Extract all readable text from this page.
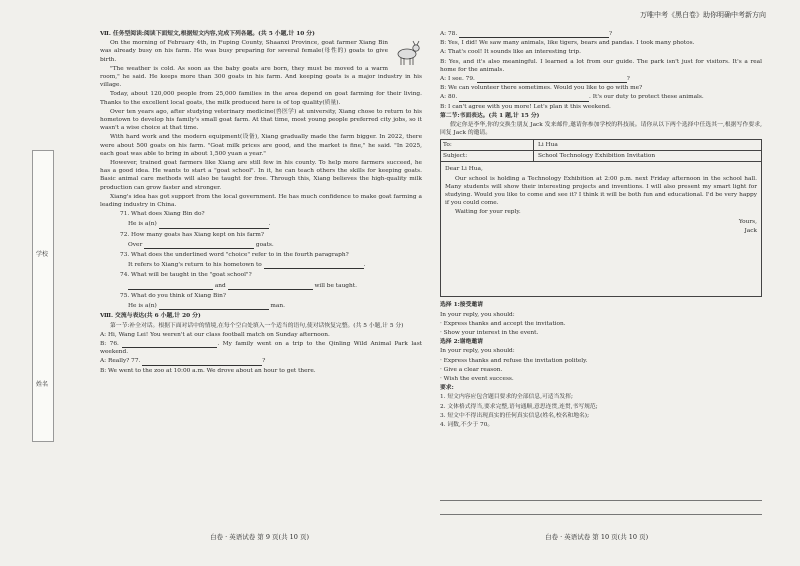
万唯中考《黑白卷》助你明确中考新方向
学校
姓名

Ⅶ. 任务型阅读:阅读下面短文,根据短文内容,完成下列各题。(共 5 小题,计 10 分)

On the morning of February 4th, in Fuping County, Shaanxi Province, goat farmer Xiang Bin was already busy on his farm. He was busy preparing for several female(母性的) goats to give birth.

"The weather is cold. As soon as the baby goats are born, they must be moved to a warm room," he said. He keeps more than 300 goats in his farm. And keeping goats is a major industry in his village.

Today, about 120,000 people from 25,000 families in the area depend on goat farming for their living. Thanks to the excellent local goats, the milk produced here is of top quality(质量).

Over ten years ago, after studying veterinary medicine(兽医学) at university, Xiang chose to return to his hometown to develop his family's small goat farm. At that time, most young people preferred city jobs, so it wasn't a wise choice at that time.

With hard work and the modern equipment(设备), Xiang gradually made the farm bigger. In 2022, there were about 500 goats on his farm. "Goat milk prices are good, and the market is fine," he said. "In 2025, each goat was able to bring in about 1,500 yuan a year."

However, trained goat farmers like Xiang are still few in his county. To help more farmers succeed, he has a good idea. He wants to start a "goat school". In it, he can teach others the skills for keeping goats. Basic animal care methods will also be taught for free. Through this, Xiang believes the high-quality milk production can grow faster and stronger.

Xiang's idea has got support from the local government. He has much confidence to make goat farming a leading industry in China.

71. What does Xiang Bin do?
He is a(n)	.
72. How many goats has Xiang kept on his farm?
Over	goats.
73. What does the underlined word "choice" refer to in the fourth paragraph?
It refers to Xiang's return to his hometown to	.
74. What will be taught in the "goat school"?
and	will be taught.
75. What do you think of Xiang Bin?
He is a(n)	man.

Ⅷ. 交流与表达(共 6 小题,计 20 分)

第一节:补全对话。根据下面对话中的情境,在每个空白处填入一个适当的语句,使对话恢复完整。(共 5 小题,计 5 分)

A: Hi, Wang Lei! You weren't at our class football match on Sunday afternoon.

B: 76.	. My family went on a trip to the Qinling Wild Animal Park last weekend.

A: Really? 77.	?

B: We went to the zoo at 10:00 a.m. We drove about an hour to get there.

A: 78.	?

B: Yes, I did! We saw many animals, like tigers, bears and pandas. I took many photos.

A: That's cool! It sounds like an interesting trip.

B: Yes, and it's also meaningful. I learned a lot from our guide. The park isn't just for visitors. It's a real home for the animals.

A: I see. 79.	?

B: We can volunteer there sometimes. Would you like to go with me?

A: 80.	. It's our duty to protect these animals.

B: I can't agree with you more! Let's plan it this weekend.

第二节:书面表达。(共 1 题,计 15 分)

假定你是李华,你的交换生朋友 Jack 发来邮件,邀请你参加学校的科技展。请你从以下两个选择中任选其一,根据写作要求,回复 Jack 的邀请。

To:	Li Hua
Subject:	School Technology Exhibition Invitation

Dear Li Hua,

Our school is holding a Technology Exhibition at 2:00 p.m. next Friday afternoon in the school hall. Many students will show their interesting projects and inventions. I will also present my smart light for studying. Would you like to come and see it? I think it will be both fun and educational. I'd be very happy if you could come.

Waiting for your reply.

Yours,

Jack

选择 1:接受邀请

In your reply, you should:

· Express thanks and accept the invitation.

· Show your interest in the event.

选择 2:谢绝邀请

In your reply, you should:

· Express thanks and refuse the invitation politely.

· Give a clear reason.

· Wish the event success.

要求:

1. 短文内容应包含题目要求的全部信息,可适当发挥;

2. 文体格式得当,要求完整,语句通顺,意思连贯,连贯,书写规范;

3. 短文中不得出现真实的任何真实信息(姓名,校名和地名);

4. 词数,不少于 70。

白卷 · 英语试卷 第 9 页(共 10 页)	白卷 · 英语试卷 第 10 页(共 10 页)
